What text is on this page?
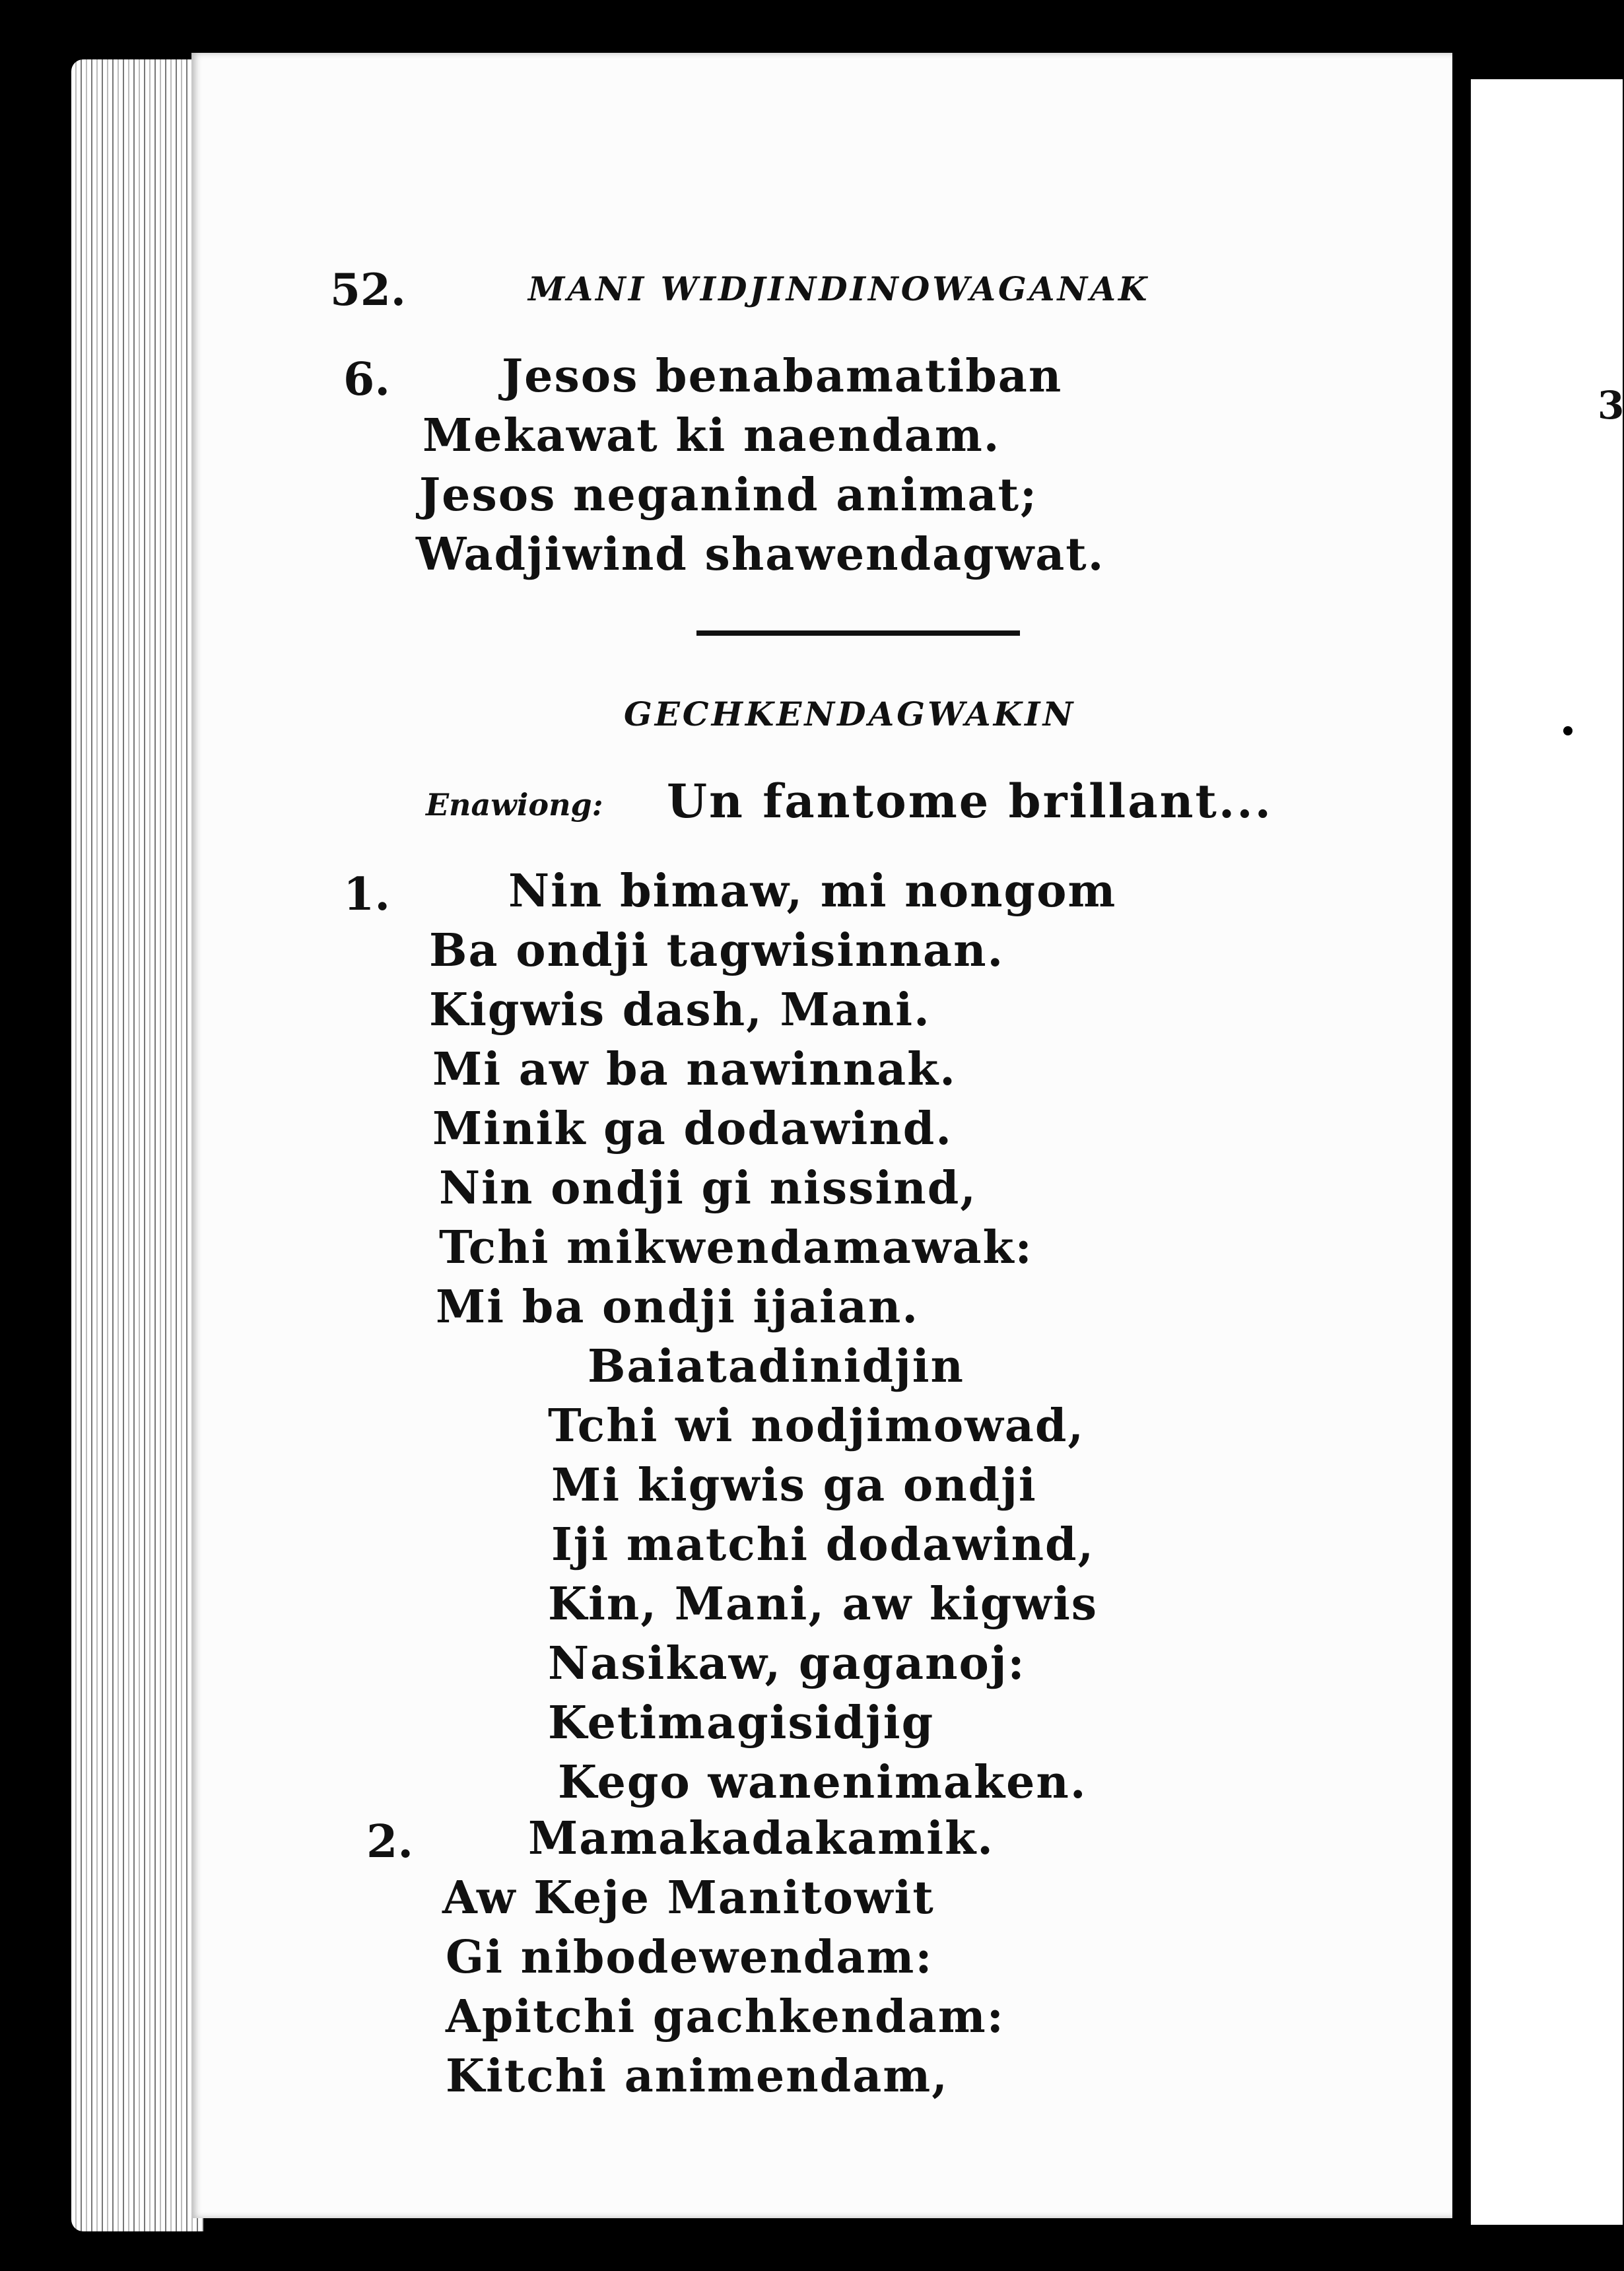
3
52.	MANI WIDJINDINOWAGANAK
6. Jesos benabamatiban
Mekawat ki naendam.
Jesos neganind animat;
Wadjiwind shawendagwat.
GECHKENDAGWAKIN
Enawiong: Un fantome brillant...
1.	Nin bimaw, mi nongom
Ba ondji tagwisinnan.
Kigwis dash, Mani.
Mi aw ba nawinnak.
Minik ga dodawind.
Nin ondji gi nissind,
Tchi mikwendamawak:
Mi ba ondji ijaian.
Baiatadinidjin
Tchi wi nodjimowad,
Mi kigwis ga ondji
Iji matchi dodawind,
Kin, Mani, aw kigwis
Nasikaw, gaganoj:
Ketimagisidjig
Kego wanenimaken.
2.	Mamakadakamik.
Aw Keje Manitowit
Gi nibodewendam:
Apitchi gachkendam:
Kitchi animendam,
